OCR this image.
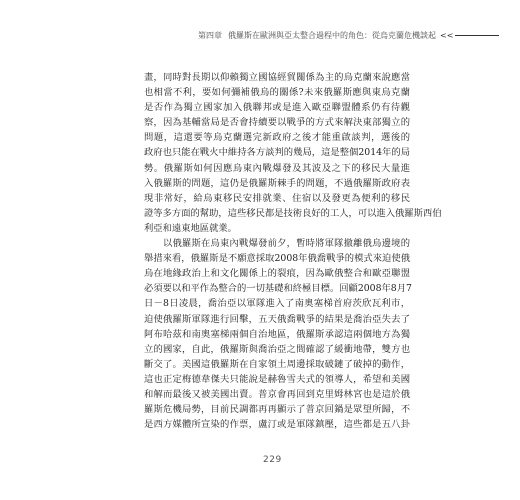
第四章 俄羅斯在歐洲與亞太整合過程中的角色：從烏克蘭危機談起 <<
畫，同時對長期以仰賴獨立國協經貿關係為主的烏克蘭來說應當
也相當不利，要如何彌補俄烏的關係?未來俄羅斯應與東烏克蘭
是否作為獨立國家加入俄聯邦或是進入歐亞聯盟體系仍有待觀
察，因為基輔當局是否會持續要以戰爭的方式來解決東部獨立的
問題，這還要等烏克蘭選完新政府之後才能重啟談判，選後的
政府也只能在戰火中維持各方談判的幾局，這是整個2014年的局
勢。俄羅斯如何因應烏東內戰爆發及其波及之下的移民大量進
入俄羅斯的問題，這仍是俄羅斯棘手的問題，不過俄羅斯政府表
現非常好，給烏東移民安排就業、住宿以及發更為便利的移民
證等多方面的幫助，這些移民都是技術良好的工人，可以進入俄羅斯西伯
利亞和遠東地區就業。
以俄羅斯在烏東內戰爆發前夕，暫時將軍隊撤離俄烏邊境的
舉措來看，俄羅斯是不願意採取2008年俄喬戰爭的模式來迫使俄
烏在地緣政治上和文化關係上的裂痕，因為歐俄整合和歐亞聯盟
必須要以和平作為整合的一切基礎和終極目標。回顧2008年8月7
日－8日凌晨，喬治亞以軍隊進入了南奧塞梯首府茨欣瓦利市，
迫使俄羅斯軍隊進行回擊，五天俄喬戰爭的結果是喬治亞失去了
阿布哈茲和南奧塞梯兩個自治地區，俄羅斯承認這兩個地方為獨
立的國家，自此，俄羅斯與喬治亞之間確認了緩衝地帶，雙方也
斷交了。美國這俄羅斯在自家領土周邊採取破鏈了破掉的動作，
這也正定梅德韋傑夫只能說是赫魯雪夫式的領導人，希望和美國
和解而最後又被美國出賣。普京會再回到克里姆林宮也是這於俄
羅斯危機局勢，目前民調都再再顯示了普京回鍋是眾望所歸，不
是西方媒體所宣染的作票，盧汀或是軍隊鎮壓，這些都是五八卦
229
